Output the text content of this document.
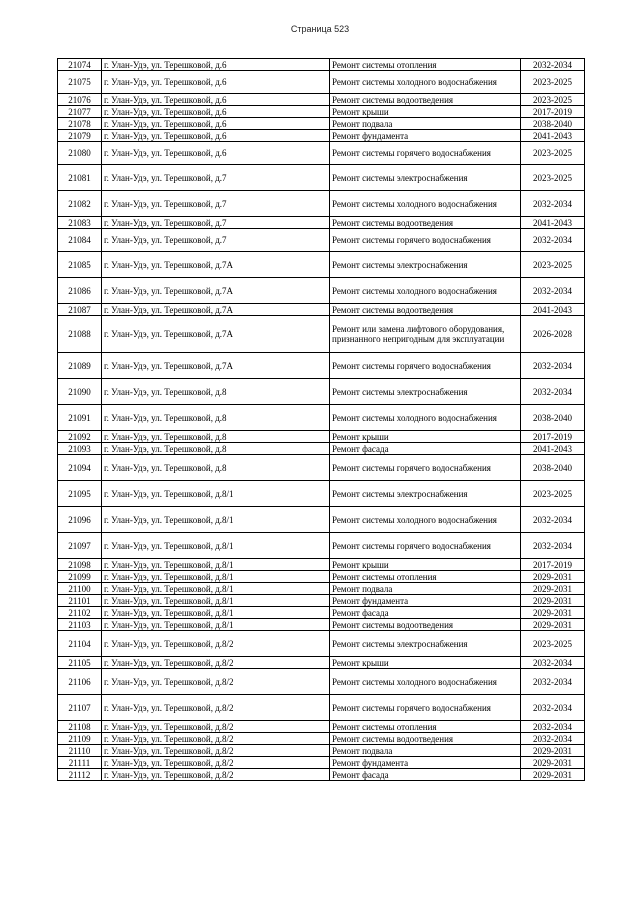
Страница 523
21074	г. Улан-Удэ, ул. Терешковой, д.6	Ремонт системы отопления	2032-2034
21075	г. Улан-Удэ, ул. Терешковой, д.6	Ремонт системы холодного водоснабжения	2023-2025
21076	г. Улан-Удэ, ул. Терешковой, д.6	Ремонт системы водоотведения	2023-2025
21077	г. Улан-Удэ, ул. Терешковой, д.6	Ремонт крыши	2017-2019
21078	г. Улан-Удэ, ул. Терешковой, д.6	Ремонт подвала	2038-2040
21079	г. Улан-Удэ, ул. Терешковой, д.6	Ремонт фундамента	2041-2043
21080	г. Улан-Удэ, ул. Терешковой, д.6	Ремонт системы горячего водоснабжения	2023-2025
21081	г. Улан-Удэ, ул. Терешковой, д.7	Ремонт системы электроснабжения	2023-2025
21082	г. Улан-Удэ, ул. Терешковой, д.7	Ремонт системы холодного водоснабжения	2032-2034
21083	г. Улан-Удэ, ул. Терешковой, д.7	Ремонт системы водоотведения	2041-2043
21084	г. Улан-Удэ, ул. Терешковой, д.7	Ремонт системы горячего водоснабжения	2032-2034
21085	г. Улан-Удэ, ул. Терешковой, д.7А	Ремонт системы электроснабжения	2023-2025
21086	г. Улан-Удэ, ул. Терешковой, д.7А	Ремонт системы холодного водоснабжения	2032-2034
21087	г. Улан-Удэ, ул. Терешковой, д.7А	Ремонт системы водоотведения	2041-2043
21088	г. Улан-Удэ, ул. Терешковой, д.7А	Ремонт или замена лифтового оборудования, признанного непригодным для эксплуатации	2026-2028
21089	г. Улан-Удэ, ул. Терешковой, д.7А	Ремонт системы горячего водоснабжения	2032-2034
21090	г. Улан-Удэ, ул. Терешковой, д.8	Ремонт системы электроснабжения	2032-2034
21091	г. Улан-Удэ, ул. Терешковой, д.8	Ремонт системы холодного водоснабжения	2038-2040
21092	г. Улан-Удэ, ул. Терешковой, д.8	Ремонт крыши	2017-2019
21093	г. Улан-Удэ, ул. Терешковой, д.8	Ремонт фасада	2041-2043
21094	г. Улан-Удэ, ул. Терешковой, д.8	Ремонт системы горячего водоснабжения	2038-2040
21095	г. Улан-Удэ, ул. Терешковой, д.8/1	Ремонт системы электроснабжения	2023-2025
21096	г. Улан-Удэ, ул. Терешковой, д.8/1	Ремонт системы холодного водоснабжения	2032-2034
21097	г. Улан-Удэ, ул. Терешковой, д.8/1	Ремонт системы горячего водоснабжения	2032-2034
21098	г. Улан-Удэ, ул. Терешковой, д.8/1	Ремонт крыши	2017-2019
21099	г. Улан-Удэ, ул. Терешковой, д.8/1	Ремонт системы отопления	2029-2031
21100	г. Улан-Удэ, ул. Терешковой, д.8/1	Ремонт подвала	2029-2031
21101	г. Улан-Удэ, ул. Терешковой, д.8/1	Ремонт фундамента	2029-2031
21102	г. Улан-Удэ, ул. Терешковой, д.8/1	Ремонт фасада	2029-2031
21103	г. Улан-Удэ, ул. Терешковой, д.8/1	Ремонт системы водоотведения	2029-2031
21104	г. Улан-Удэ, ул. Терешковой, д.8/2	Ремонт системы электроснабжения	2023-2025
21105	г. Улан-Удэ, ул. Терешковой, д.8/2	Ремонт крыши	2032-2034
21106	г. Улан-Удэ, ул. Терешковой, д.8/2	Ремонт системы холодного водоснабжения	2032-2034
21107	г. Улан-Удэ, ул. Терешковой, д.8/2	Ремонт системы горячего водоснабжения	2032-2034
21108	г. Улан-Удэ, ул. Терешковой, д.8/2	Ремонт системы отопления	2032-2034
21109	г. Улан-Удэ, ул. Терешковой, д.8/2	Ремонт системы водоотведения	2032-2034
21110	г. Улан-Удэ, ул. Терешковой, д.8/2	Ремонт подвала	2029-2031
21111	г. Улан-Удэ, ул. Терешковой, д.8/2	Ремонт фундамента	2029-2031
21112	г. Улан-Удэ, ул. Терешковой, д.8/2	Ремонт фасада	2029-2031
